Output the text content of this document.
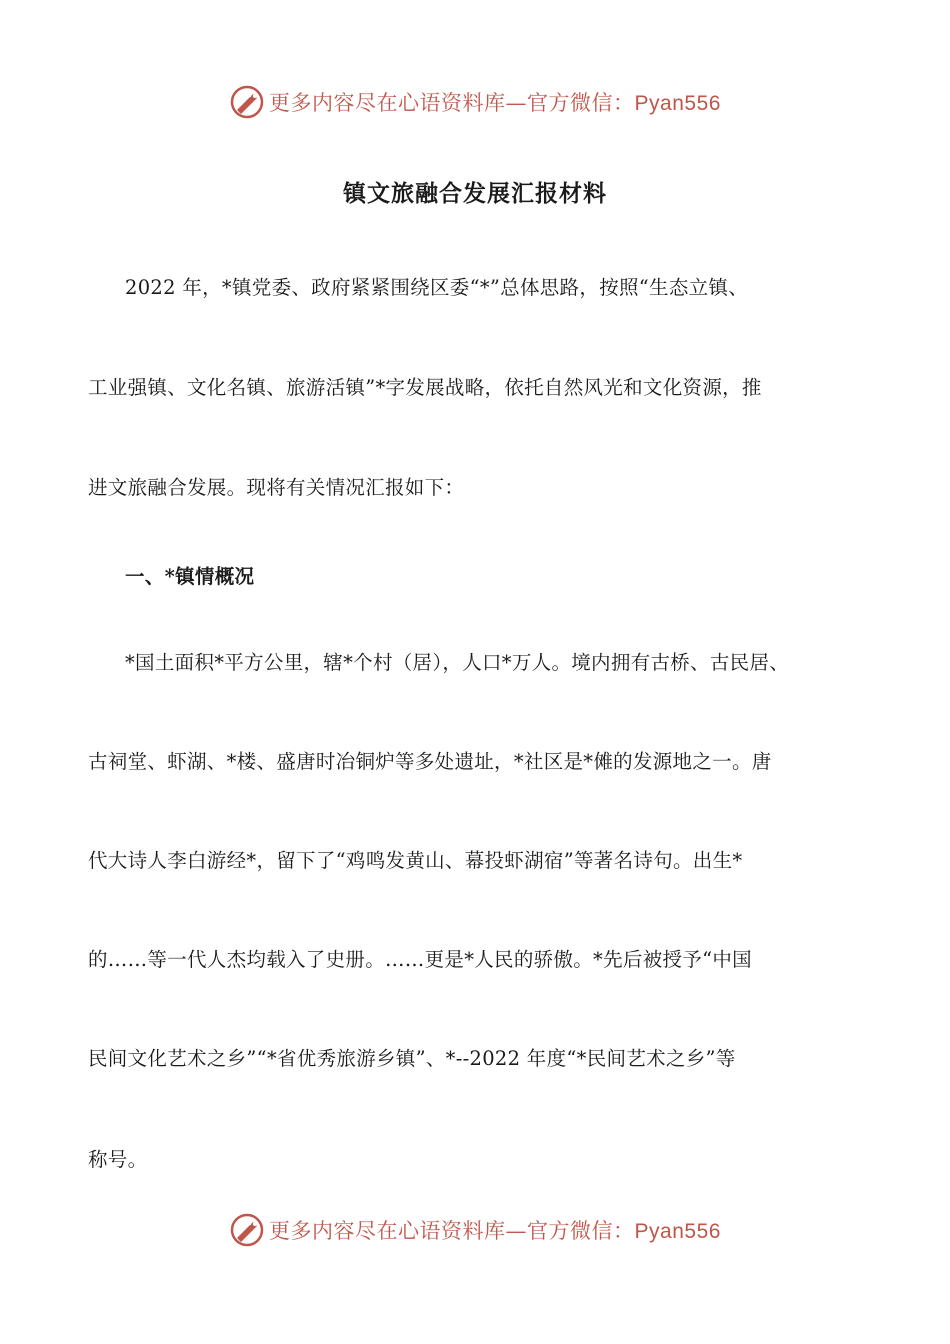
更多内容尽在心语资料库—官方微信：Pyan556
镇文旅融合发展汇报材料
2022 年，*镇党委、政府紧紧围绕区委“*”总体思路，按照“生态立镇、
工业强镇、文化名镇、旅游活镇”*字发展战略，依托自然风光和文化资源，推
进文旅融合发展。现将有关情况汇报如下：
一、*镇情概况
*国土面积*平方公里，辖*个村（居），人口*万人。境内拥有古桥、古民居、
古祠堂、虾湖、*楼、盛唐时冶铜炉等多处遗址，*社区是*傩的发源地之一。唐
代大诗人李白游经*，留下了“鸡鸣发黄山、幕投虾湖宿”等著名诗句。出生*
的……等一代人杰均载入了史册。……更是*人民的骄傲。*先后被授予“中国
民间文化艺术之乡”“*省优秀旅游乡镇”、*--2022 年度“*民间艺术之乡”等
称号。
更多内容尽在心语资料库—官方微信：Pyan556
